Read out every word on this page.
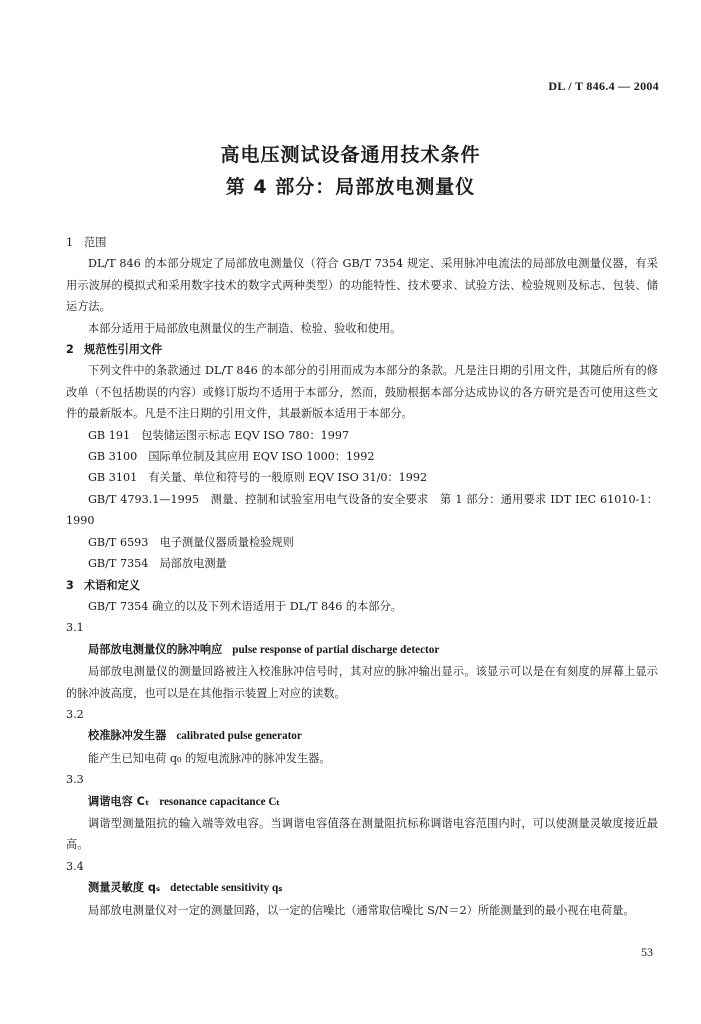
DL / T 846.4 — 2004
高电压测试设备通用技术条件
第 4 部分：局部放电测量仪

1 范围

DL/T 846 的本部分规定了局部放电测量仪（符合 GB/T 7354 规定、采用脉冲电流法的局部放电测量仪器，有采用示波屏的模拟式和采用数字技术的数字式两种类型）的功能特性、技术要求、试验方法、检验规则及标志、包装、储运方法。

本部分适用于局部放电测量仪的生产制造、检验、验收和使用。

2 规范性引用文件

下列文件中的条款通过 DL/T 846 的本部分的引用而成为本部分的条款。凡是注日期的引用文件，其随后所有的修改单（不包括勘误的内容）或修订版均不适用于本部分，然而，鼓励根据本部分达成协议的各方研究是否可使用这些文件的最新版本。凡是不注日期的引用文件，其最新版本适用于本部分。

GB 191　包装储运图示标志 EQV ISO 780：1997

GB 3100　国际单位制及其应用 EQV ISO 1000：1992

GB 3101　有关量、单位和符号的一般原则 EQV ISO 31/0：1992

GB/T 4793.1—1995　测量、控制和试验室用电气设备的安全要求　第 1 部分：通用要求 IDT IEC 61010-1：1990

GB/T 6593　电子测量仪器质量检验规则

GB/T 7354　局部放电测量

3 术语和定义

GB/T 7354 确立的以及下列术语适用于 DL/T 846 的本部分。

3.1

局部放电测量仪的脉冲响应 pulse response of partial discharge detector

局部放电测量仪的测量回路被注入校准脉冲信号时，其对应的脉冲输出显示。该显示可以是在有刻度的屏幕上显示的脉冲波高度，也可以是在其他指示装置上对应的读数。

3.2

校准脉冲发生器 calibrated pulse generator

能产生已知电荷 q₀ 的短电流脉冲的脉冲发生器。

3.3

调谐电容 Cₜ resonance capacitance Cₜ

调谐型测量阻抗的输入端等效电容。当调谐电容值落在测量阻抗标称调谐电容范围内时，可以使测量灵敏度接近最高。

3.4

测量灵敏度 qₛ detectable sensitivity qₛ

局部放电测量仪对一定的测量回路，以一定的信噪比（通常取信噪比 S/N＝2）所能测量到的最小视在电荷量。

53
